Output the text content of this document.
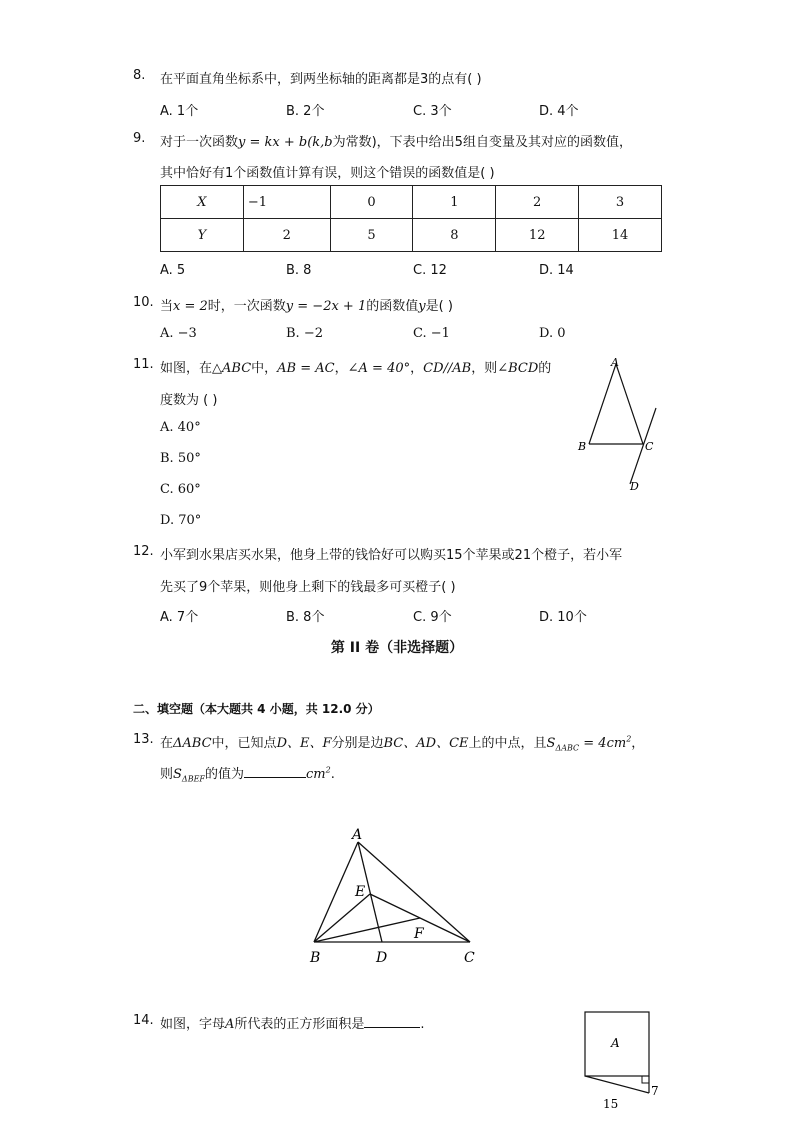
8. 在平面直角坐标系中，到两坐标轴的距离都是3的点有( )
A. 1个	B. 2个	C. 3个	D. 4个
9. 对于一次函数y = kx + b(k,b为常数)，下表中给出5组自变量及其对应的函数值，
其中恰好有1个函数值计算有误，则这个错误的函数值是( )
X	−1	0	1	2	3
Y	2	5	8	12	14
A. 5	B. 8	C. 12	D. 14
10. 当x = 2时，一次函数y = −2x + 1的函数值y是( )
A. −3	B. −2	C. −1	D. 0
11. 如图，在△ABC中，AB = AC，∠A = 40°，CD//AB，则∠BCD的
度数为 ( )
A. 40°
B. 50°
C. 60°
D. 70°
A
B	C
D
12. 小军到水果店买水果，他身上带的钱恰好可以购买15个苹果或21个橙子，若小军
先买了9个苹果，则他身上剩下的钱最多可买橙子( )
A. 7个	B. 8个	C. 9个	D. 10个
第 II 卷（非选择题）
二、填空题（本大题共 4 小题，共 12.0 分）
13. 在ΔABC中，已知点D、E、F分别是边BC、AD、CE上的中点，且$S_{\Delta ABC} = 4cm^2$，
则$S_{\Delta BEF}$的值为	$cm^2$.
A
E
F
B	D	C
14. 如图，字母A所代表的正方形面积是	.
A
7
15
